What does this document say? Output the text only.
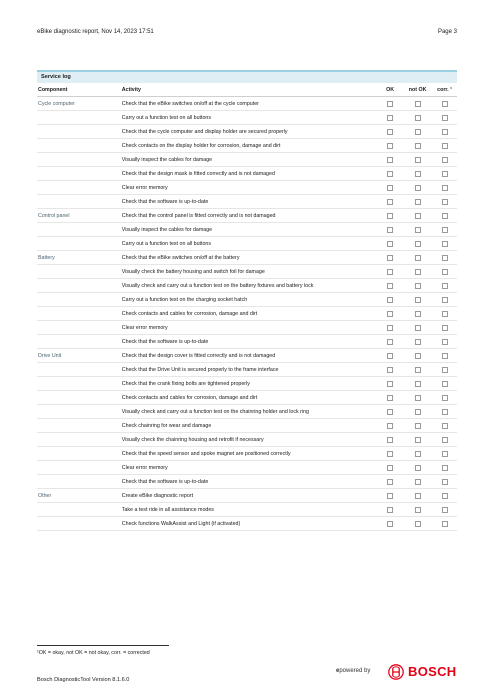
eBike diagnostic report, Nov 14, 2023 17:51	Page 3
Service log
Component	Activity	OK	not OK	corr. ¹
Cycle computer	Check that the eBike switches on/off at the cycle computer
Carry out a function test on all buttons
Check that the cycle computer and display holder are secured properly
Check contacts on the display holder for corrosion, damage and dirt
Visually inspect the cables for damage
Check that the design mask is fitted correctly and is not damaged
Clear error memory
Check that the software is up-to-date
Control panel	Check that the control panel is fitted correctly and is not damaged
Visually inspect the cables for damage
Carry out a function test on all buttons
Battery	Check that the eBike switches on/off at the battery
Visually check the battery housing and switch foil for damage
Visually check and carry out a function test on the battery fixtures and battery lock
Carry out a function test on the charging socket hatch
Check contacts and cables for corrosion, damage and dirt
Clear error memory
Check that the software is up-to-date
Drive Unit	Check that the design cover is fitted correctly and is not damaged
Check that the Drive Unit is secured properly to the frame interface
Check that the crank fixing bolts are tightened properly
Check contacts and cables for corrosion, damage and dirt
Visually check and carry out a function test on the chainring holder and lock ring
Check chainring for wear and damage
Visually check the chainring housing and retrofit if necessary
Check that the speed sensor and spoke magnet are positioned correctly
Clear error memory
Check that the software is up-to-date
Other	Create eBike diagnostic report
Take a test ride in all assistance modes
Check functions WalkAssist and Light (if activated)
¹OK = okay, not OK = not okay, corr. = corrected
Bosch DiagnosticTool Version 8.1.6.0
epowered by	BOSCH
